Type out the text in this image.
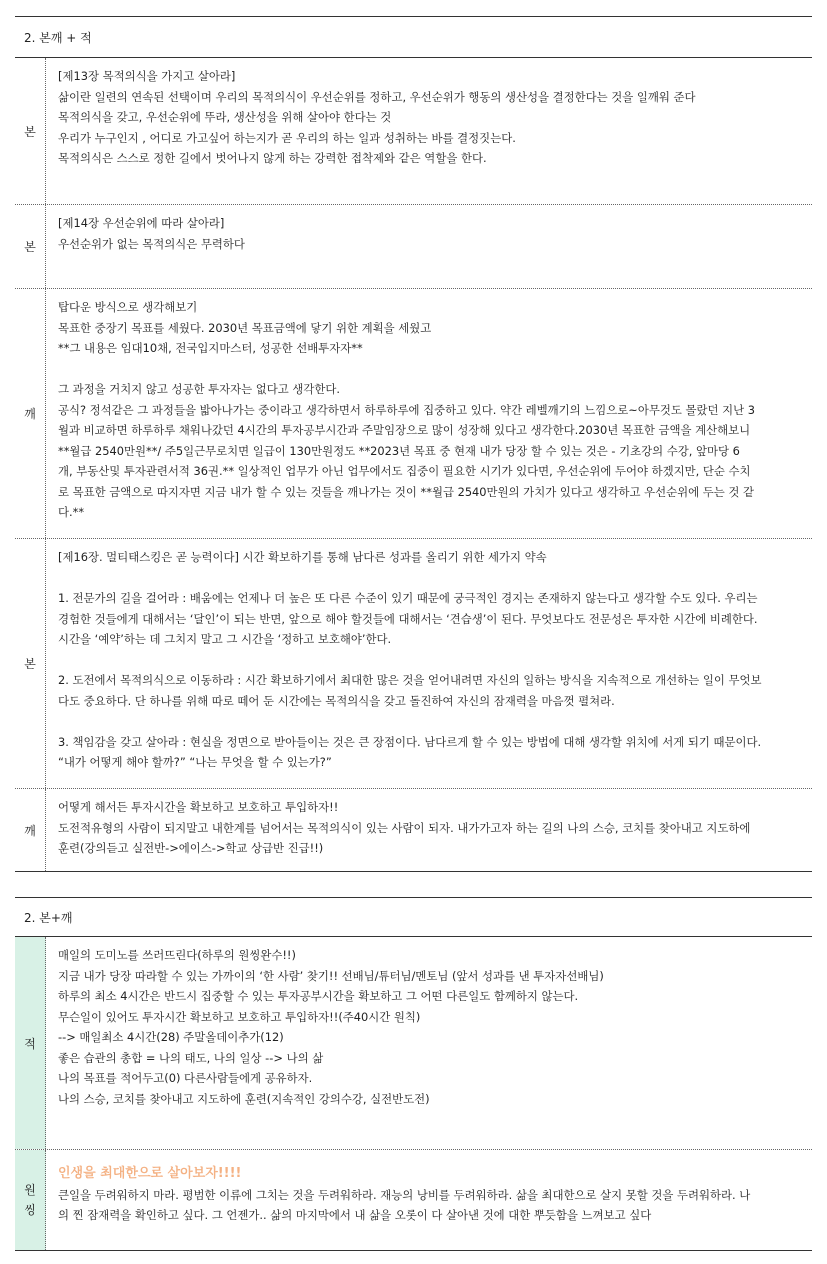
2. 본깨 + 적
본
[제13장 목적의식을 가지고 살아라]
삶이란 일련의 연속된 선택이며 우리의 목적의식이 우선순위를 정하고, 우선순위가 행동의 생산성을 결정한다는 것을 일깨워 준다
목적의식을 갖고, 우선순위에 뚜라, 생산성을 위해 살아야 한다는 것
우리가 누구인지 , 어디로 가고싶어 하는지가 곧 우리의 하는 일과 성취하는 바를 결정짓는다.
목적의식은 스스로 정한 길에서 벗어나지 않게 하는 강력한 접착제와 같은 역할을 한다.
본
[제14장 우선순위에 따라 살아라]
우선순위가 없는 목적의식은 무력하다
깨
탑다운 방식으로 생각해보기
목표한 중장기 목표를 세웠다. 2030년 목표금액에 닿기 위한 계획을 세웠고
**그 내용은 임대10채, 전국입지마스터, 성공한 선배투자자**
그 과정을 거치지 않고 성공한 투자자는 없다고 생각한다.
공식? 정석같은 그 과정들을 밟아나가는 중이라고 생각하면서 하루하루에 집중하고 있다. 약간 레벨깨기의 느낌으로~아무것도 몰랐던 지난 3
월과 비교하면 하루하루 채워나갔던 4시간의 투자공부시간과 주말임장으로 많이 성장해 있다고 생각한다.2030년 목표한 금액을 계산해보니
**월급 2540만원**/ 주5일근무로치면 일급이 130만원정도 **2023년 목표 중 현재 내가 당장 할 수 있는 것은 - 기초강의 수강, 앞마당 6
개, 부동산및 투자관련서적 36권.** 일상적인 업무가 아닌 업무에서도 집중이 필요한 시기가 있다면, 우선순위에 두어야 하겠지만, 단순 수치
로 목표한 금액으로 따지자면 지금 내가 할 수 있는 것들을 깨나가는 것이 **월급 2540만원의 가치가 있다고 생각하고 우선순위에 두는 것 같
다.**
본
[제16장. 멀티태스킹은 곧 능력이다] 시간 확보하기를 통해 남다른 성과를 올리기 위한 세가지 약속
1. 전문가의 길을 걸어라 : 배움에는 언제나 더 높은 또 다른 수준이 있기 때문에 궁극적인 경지는 존재하지 않는다고 생각할 수도 있다. 우리는
경험한 것들에게 대해서는 ‘달인’이 되는 반면, 앞으로 해야 할것들에 대해서는 ‘견습생’이 된다. 무엇보다도 전문성은 투자한 시간에 비례한다.
시간을 ‘예약’하는 데 그치지 말고 그 시간을 ‘정하고 보호해야’한다.
2. 도전에서 목적의식으로 이동하라 : 시간 확보하기에서 최대한 많은 것을 얻어내려면 자신의 일하는 방식을 지속적으로 개선하는 일이 무엇보
다도 중요하다. 단 하나를 위해 따로 떼어 둔 시간에는 목적의식을 갖고 돌진하여 자신의 잠재력을 마음껏 펼쳐라.
3. 책임감을 갖고 살아라 : 현실을 정면으로 받아들이는 것은 큰 장점이다. 남다르게 할 수 있는 방법에 대해 생각할 위치에 서게 되기 때문이다.
“내가 어떻게 해야 할까?” “나는 무엇을 할 수 있는가?”
깨
어떻게 해서든 투자시간을 확보하고 보호하고 투입하자!!
도전적유형의 사람이 되지말고 내한계를 넘어서는 목적의식이 있는 사람이 되자. 내가가고자 하는 길의 나의 스승, 코치를 찾아내고 지도하에
훈련(강의듣고 실전반->에이스->학교 상급반 진급!!)
2. 본+깨
적
매일의 도미노를 쓰러뜨린다(하루의 원씽완수!!)
지금 내가 당장 따라할 수 있는 가까이의 ‘한 사람’ 찾기!! 선배님/튜터님/멘토님 (앞서 성과를 낸 투자자선배님)
하루의 최소 4시간은 반드시 집중할 수 있는 투자공부시간을 확보하고 그 어떤 다른일도 함께하지 않는다.
무슨일이 있어도 투자시간 확보하고 보호하고 투입하자!!(주40시간 원칙)
--> 매일최소 4시간(28) 주말올데이추가(12)
좋은 습관의 총합 = 나의 태도, 나의 일상 --> 나의 삶
나의 목표를 적어두고(0) 다른사람들에게 공유하자.
나의 스승, 코치를 찾아내고 지도하에 훈련(지속적인 강의수강, 실전반도전)
원
씽
인생을 최대한으로 살아보자!!!!
큰일을 두려워하지 마라. 평범한 이류에 그치는 것을 두려워하라. 재능의 낭비를 두려워하라. 삶을 최대한으로 살지 못할 것을 두려워하라. 나
의 찐 잠재력을 확인하고 싶다. 그 언젠가.. 삶의 마지막에서 내 삶을 오롯이 다 살아낸 것에 대한 뿌듯함을 느껴보고 싶다
